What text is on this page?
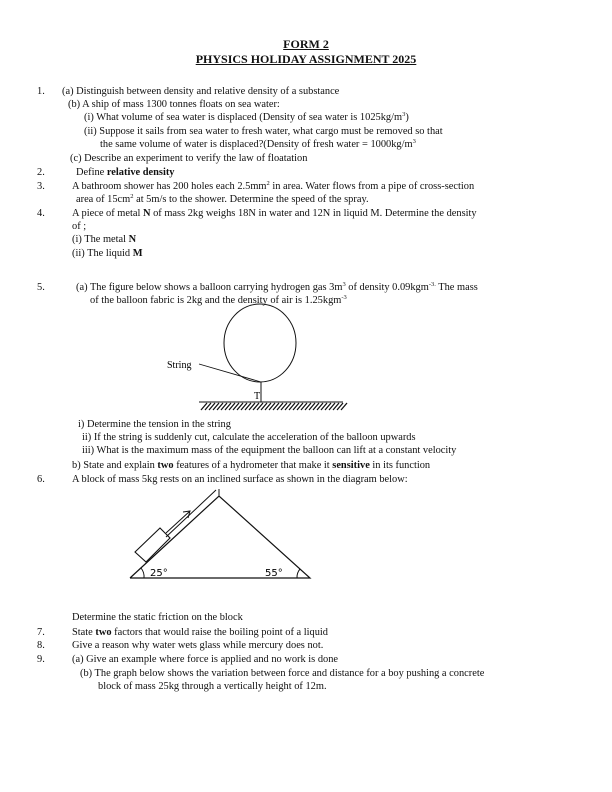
FORM 2
PHYSICS HOLIDAY ASSIGNMENT 2025
1.
2.
3.
4.
5.
6.
7.
8.
9.
(a) Distinguish between density and relative density of a substance
(b) A ship of mass 1300 tonnes floats on sea water:
(i) What volume of sea water is displaced (Density of sea water is $1025kg/m^3$)
(ii) Suppose it sails from sea water to fresh water, what cargo must be removed so that
the same volume of water is displaced?(Density of fresh water = $1000kg/m^3$
(c) Describe an experiment to verify the law of floatation
Define relative density
A bathroom shower has 200 holes each $2.5mm^2$ in area. Water flows from a pipe of cross-section
area of $15cm^2$ at 5m/s to the shower. Determine the speed of the spray.
A piece of metal N of mass 2kg weighs 18N in water and 12N in liquid M. Determine the density
of ;
(i) The metal N
(ii) The liquid M
(a) The figure below shows a balloon carrying hydrogen gas $3m^3$ of density 0.09kgm$^{-3.}$ The mass
of the balloon fabric is 2kg and the density of air is 1.25kgm$^{-3}$
i) Determine the tension in the string
ii) If the string is suddenly cut, calculate the acceleration of the balloon upwards
iii) What is the maximum mass of the equipment the balloon can lift at a constant velocity
b) State and explain two features of a hydrometer that make it sensitive in its function
A block of mass 5kg rests on an inclined surface as shown in the diagram below:
Determine the static friction on the block
State two factors that would raise the boiling point of a liquid
Give a reason why water wets glass while mercury does not.
(a) Give an example where force is applied and no work is done
(b) The graph below shows the variation between force and distance for a boy pushing a concrete
block of mass 25kg through a vertically height of 12m.
String
T
25°	55°
